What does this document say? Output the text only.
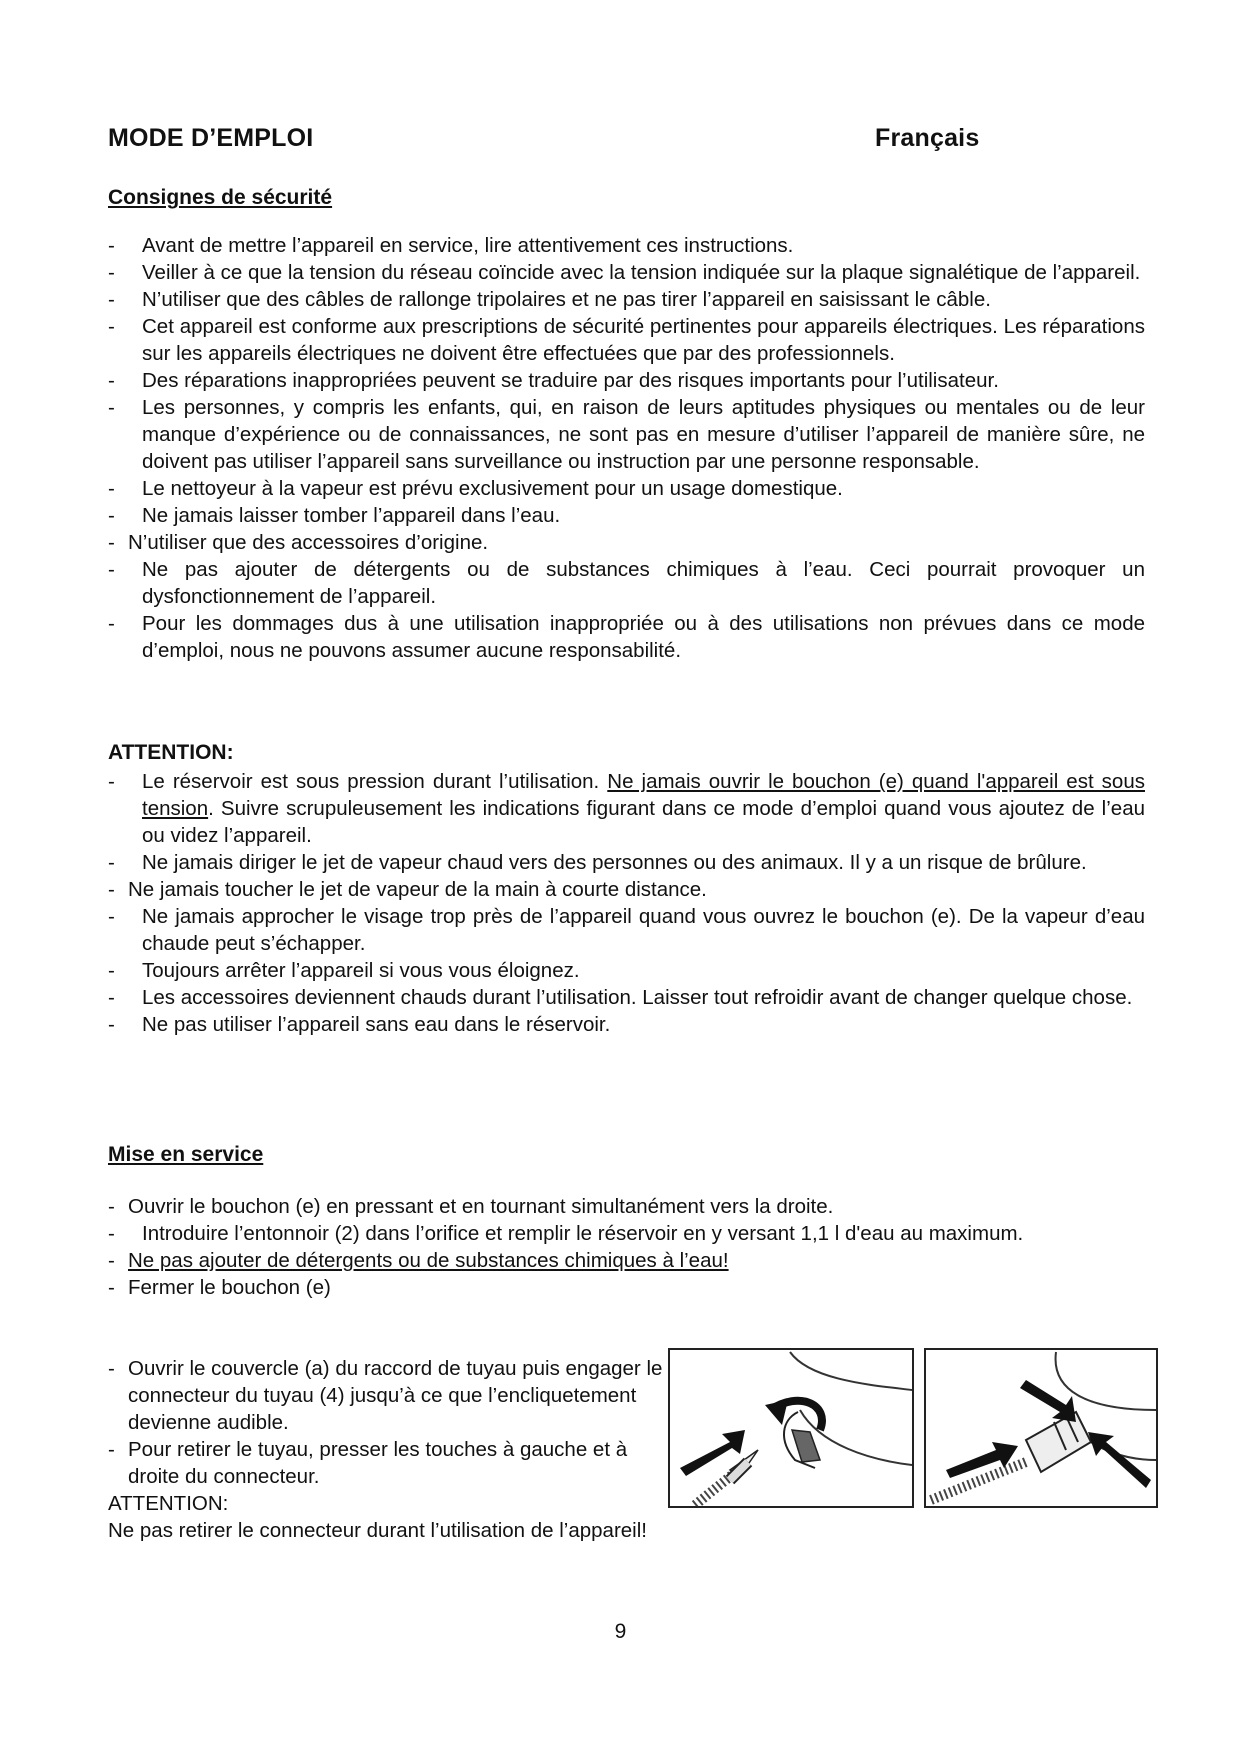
MODE D’EMPLOI	Français
Consignes de sécurité
- Avant de mettre l’appareil en service, lire attentivement ces instructions.
- Veiller à ce que la tension du réseau coïncide avec la tension indiquée sur la plaque signalétique de l’appareil.
- N’utiliser que des câbles de rallonge tripolaires et ne pas tirer l’appareil en saisissant le câble.
- Cet appareil est conforme aux prescriptions de sécurité pertinentes pour appareils électriques. Les réparations sur les appareils électriques ne doivent être effectuées que par des professionnels.
- Des réparations inappropriées peuvent se traduire par des risques importants pour l’utilisateur.
- Les personnes, y compris les enfants, qui, en raison de leurs aptitudes physiques ou mentales ou de leur manque d’expérience ou de connaissances, ne sont pas en mesure d’utiliser l’appareil de manière sûre, ne doivent pas utiliser l’appareil sans surveillance ou instruction par une personne responsable.
- Le nettoyeur à la vapeur est prévu exclusivement pour un usage domestique.
- Ne jamais laisser tomber l’appareil dans l’eau.
- N’utiliser que des accessoires d’origine.
- Ne pas ajouter de détergents ou de substances chimiques à l’eau. Ceci pourrait provoquer un dysfonctionnement de l’appareil.
- Pour les dommages dus à une utilisation inappropriée ou à des utilisations non prévues dans ce mode d’emploi, nous ne pouvons assumer aucune responsabilité.
ATTENTION:
- Le réservoir est sous pression durant l’utilisation. Ne jamais ouvrir le bouchon (e) quand l'appareil est sous tension. Suivre scrupuleusement les indications figurant dans ce mode d’emploi quand vous ajoutez de l’eau ou videz l’appareil.
- Ne jamais diriger le jet de vapeur chaud vers des personnes ou des animaux. Il y a un risque de brûlure.
- Ne jamais toucher le jet de vapeur de la main à courte distance.
- Ne jamais approcher le visage trop près de l’appareil quand vous ouvrez le bouchon (e). De la vapeur d’eau chaude peut s’échapper.
- Toujours arrêter l’appareil si vous vous éloignez.
- Les accessoires deviennent chauds durant l’utilisation. Laisser tout refroidir avant de changer quelque chose.
- Ne pas utiliser l’appareil sans eau dans le réservoir.
Mise en service
- Ouvrir le bouchon (e) en pressant et en tournant simultanément vers la droite.
- Introduire l’entonnoir (2) dans l’orifice et remplir le réservoir en y versant 1,1 l d'eau au maximum.
- Ne pas ajouter de détergents ou de substances chimiques à l’eau!
- Fermer le bouchon (e)
- Ouvrir le couvercle (a) du raccord de tuyau puis engager le connecteur du tuyau (4) jusqu’à ce que l’encliquetement devienne audible.
- Pour retirer le tuyau, presser les touches à gauche et à droite du connecteur.
ATTENTION:
Ne pas retirer le connecteur durant l’utilisation de l’appareil!
9
